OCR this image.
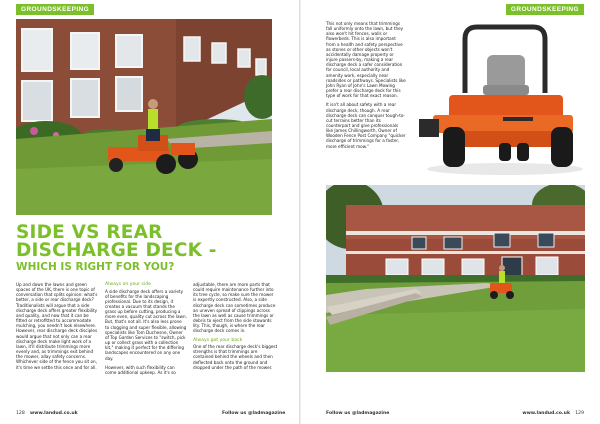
GROUNDSKEEPING	GROUNDSKEEPING
SIDE VS REAR DISCHARGE DECK -
WHICH IS RIGHT FOR YOU?

Up and down the lawns and green spaces of the UK, there is one topic of conversation that splits opinion: what's better, a side or rear discharge deck? Traditionalists will argue that a side discharge deck offers greater flexibility and quality, and now that it can be fitted or retrofitted to accommodate mulching, you needn't look elsewhere. However, rear discharge deck disciples would argue that not only can a rear discharge deck make light work of a lawn, it'll distribute trimmings more evenly and, as trimmings exit behind the mower, allay safety concerns. Whichever side of the fence you sit on, it's time we settle this once and for all.

Always on your side

A side discharge deck offers a variety of benefits for the landscaping professional. Due to its design, it creates a vacuum that stands the grass up before cutting, producing a more even, quality cut across the lawn. But, that's not all. It's also less prone to clogging and super flexible, allowing specialists like Tom Duchesne, Owner of Top Garden Services to "switch, pick up or collect grass with a collection kit," making it perfect for the differing landscapes encountered on any one day.

However, with such flexibility can come additional upkeep. As it's so

adjustable, there are more parts that could require maintenance further into its tree cycle, so make sure the mower is expertly constructed. Also, a side discharge deck can sometimes produce an uneven spread of clippings across the lawn as well as cause trimmings or debris to eject from the side stowards lity. This, though, is where the rear discharge deck comes in.

Always got your back

One of the rear discharge deck's biggest strengths is that trimmings are contained behind the wheels and then deflected back onto the ground and dropped under the path of the mower.

This not only means that trimmings fall uniformly onto the lawn, but they also won't hit fences, walls or flowerbeds. This is also important from a health and safety perspective as stones or other objects won't accidentally damage property or injure passers-by, making a rear discharge deck a safer consideration for council, local authority and amenity work, especially near roadsides or pathways. Specialists like John Ryan of John's Lawn Mowing prefer a rear discharge deck for this type of work for that exact reason.

It isn't all about safety with a rear discharge deck, though. A rear discharge deck can conquer tough-to-cut terrains better than its counterpart and give professionals like James Chillingworth, Owner of Wooden Fence Post Company "quicker discharge of trimmings for a faster, more efficient mow."

128 www.landud.co.uk	Follow us @ladmagazine	Follow us @ladmagazine	www.landud.co.uk 129
